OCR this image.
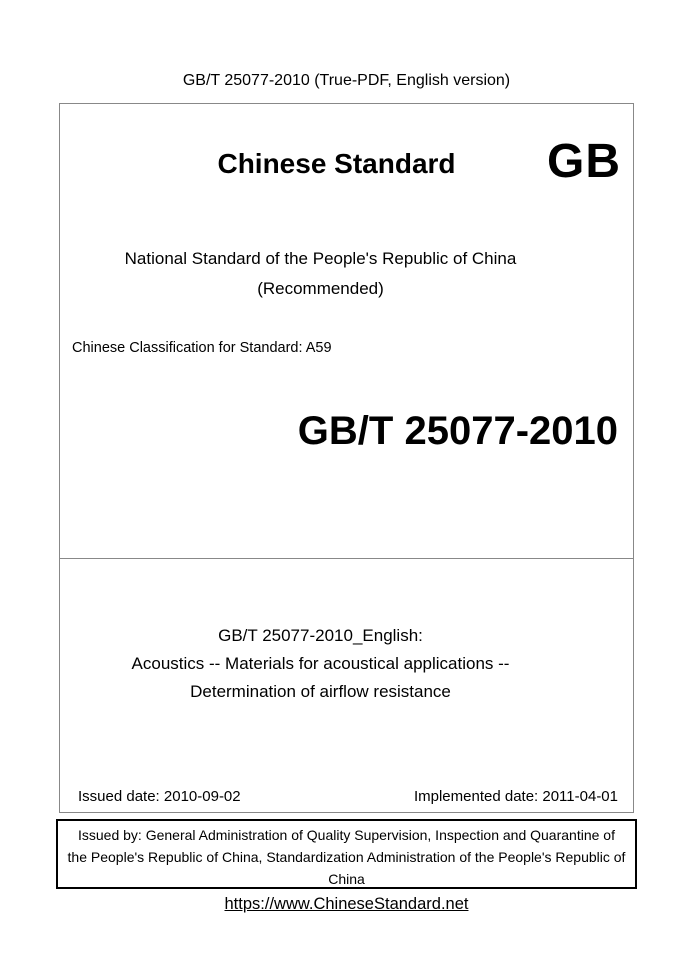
GB/T 25077-2010 (True-PDF, English version)
Chinese Standard	GB
National Standard of the People's Republic of China
(Recommended)
Chinese Classification for Standard: A59
GB/T 25077-2010
GB/T 25077-2010_English:
Acoustics -- Materials for acoustical applications --
Determination of airflow resistance
Issued date: 2010-09-02	Implemented date: 2011-04-01
Issued by: General Administration of Quality Supervision, Inspection and Quarantine of
the People's Republic of China, Standardization Administration of the People's Republic of
China
https://www.ChineseStandard.net
